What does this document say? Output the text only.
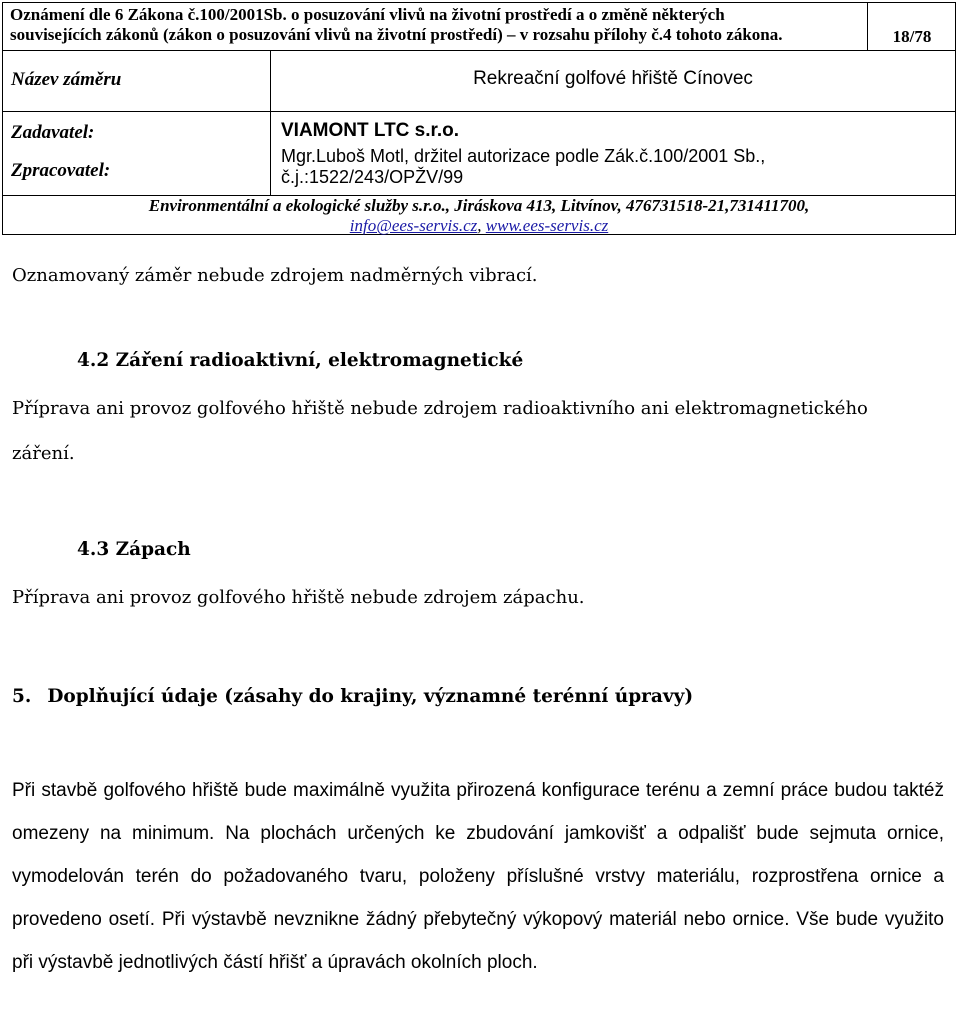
Oznámení dle 6 Zákona č.100/2001Sb. o posuzování vlivů na životní prostředí a o změně některých
souvisejících zákonů (zákon o posuzování vlivů na životní prostředí) – v rozsahu přílohy č.4 tohoto zákona.	18/78
Název záměru	Rekreační golfové hřiště Cínovec
Zadavatel:
Zpracovatel:
VIAMONT LTC s.r.o.
Mgr.Luboš Motl, držitel autorizace podle Zák.č.100/2001 Sb.,
č.j.:1522/243/OPŽV/99
Environmentální a ekologické služby s.r.o., Jiráskova 413, Litvínov, 476731518-21,731411700,
info@ees-servis.cz, www.ees-servis.cz

Oznamovaný záměr nebude zdrojem nadměrných vibrací.

4.2 Záření radioaktivní, elektromagnetické

Příprava ani provoz golfového hřiště nebude zdrojem radioaktivního ani elektromagnetického

záření.

4.3 Zápach

Příprava ani provoz golfového hřiště nebude zdrojem zápachu.

5. Doplňující údaje (zásahy do krajiny, významné terénní úpravy)

Při stavbě golfového hřiště bude maximálně využita přirozená konfigurace terénu a zemní práce budou taktéž omezeny na minimum. Na plochách určených ke zbudování jamkovišť a odpališť bude sejmuta ornice, vymodelován terén do požadovaného tvaru, položeny příslušné vrstvy materiálu, rozprostřena ornice a provedeno osetí. Při výstavbě nevznikne žádný přebytečný výkopový materiál nebo ornice. Vše bude využito při výstavbě jednotlivých částí hřišť a úpravách okolních ploch.
